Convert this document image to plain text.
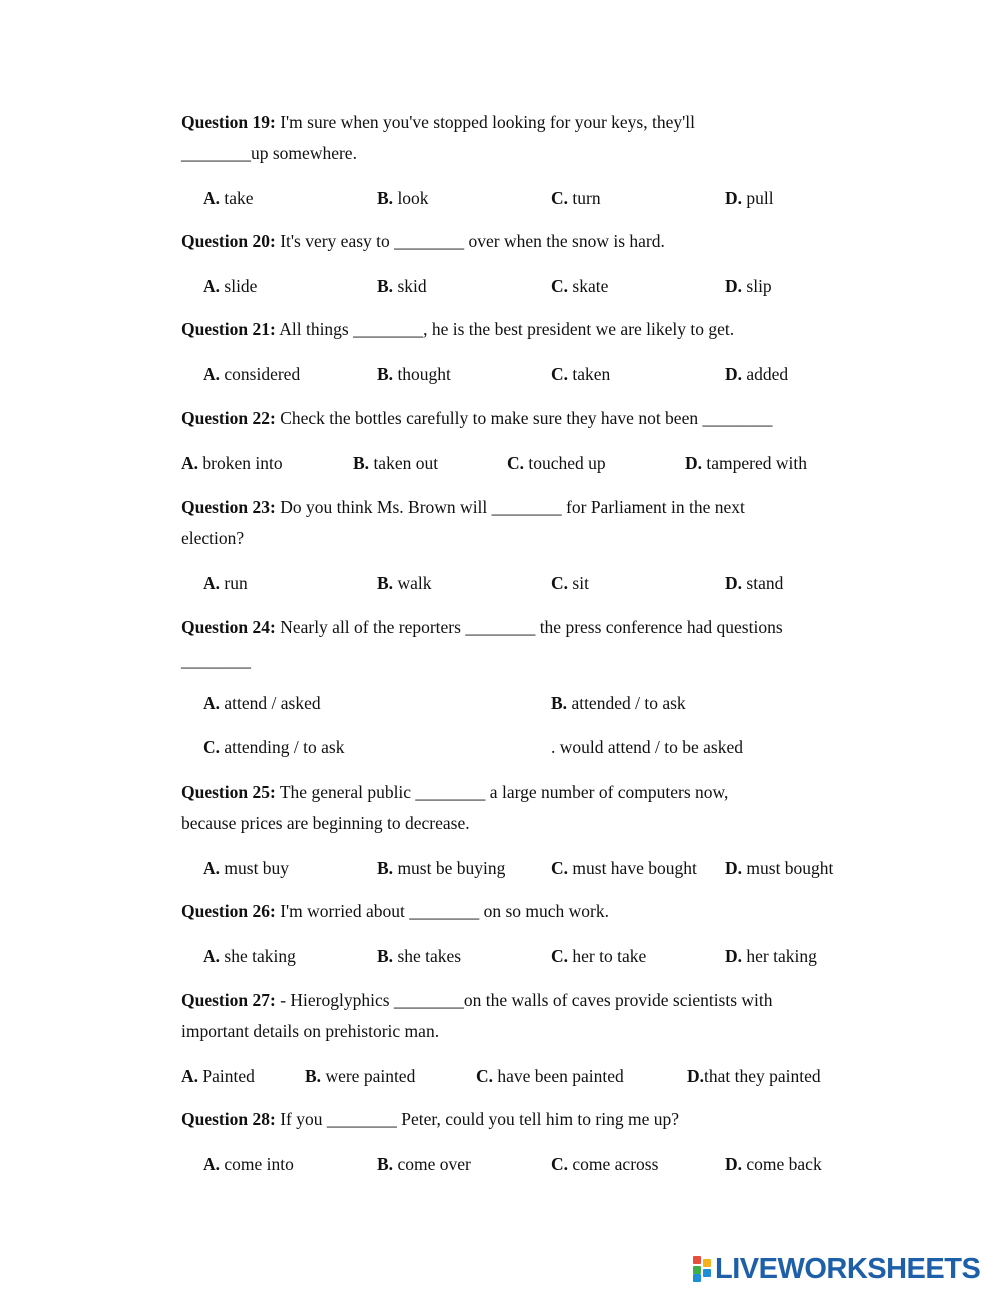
Question 19: I'm sure when you've stopped looking for your keys, they'll
________up somewhere.
A. take	B. look	C. turn	D. pull
Question 20: It's very easy to ________ over when the snow is hard.
A. slide	B. skid	C. skate	D. slip
Question 21: All things ________, he is the best president we are likely to get.
A. considered	B. thought	C. taken	D. added
Question 22: Check the bottles carefully to make sure they have not been ________
A. broken into	B. taken out	C. touched up	D. tampered with
Question 23: Do you think Ms. Brown will ________ for Parliament in the next
election?
A. run	B. walk	C. sit	D. stand
Question 24: Nearly all of the reporters ________ the press conference had questions
________
A. attend / asked	B. attended / to ask
C. attending / to ask	. would attend / to be asked
Question 25: The general public ________ a large number of computers now,
because prices are beginning to decrease.
A. must buy	B. must be buying	C. must have bought D. must bought
Question 26: I'm worried about ________ on so much work.
A. she taking	B. she takes	C. her to take	D. her taking
Question 27: - Hieroglyphics ________on the walls of caves provide scientists with
important details on prehistoric man.
A. Painted	B. were painted	C. have been painted	D.that they painted
Question 28: If you ________ Peter, could you tell him to ring me up?
A. come into	B. come over	C. come across	D. come back
LIVEWORKSHEETS
